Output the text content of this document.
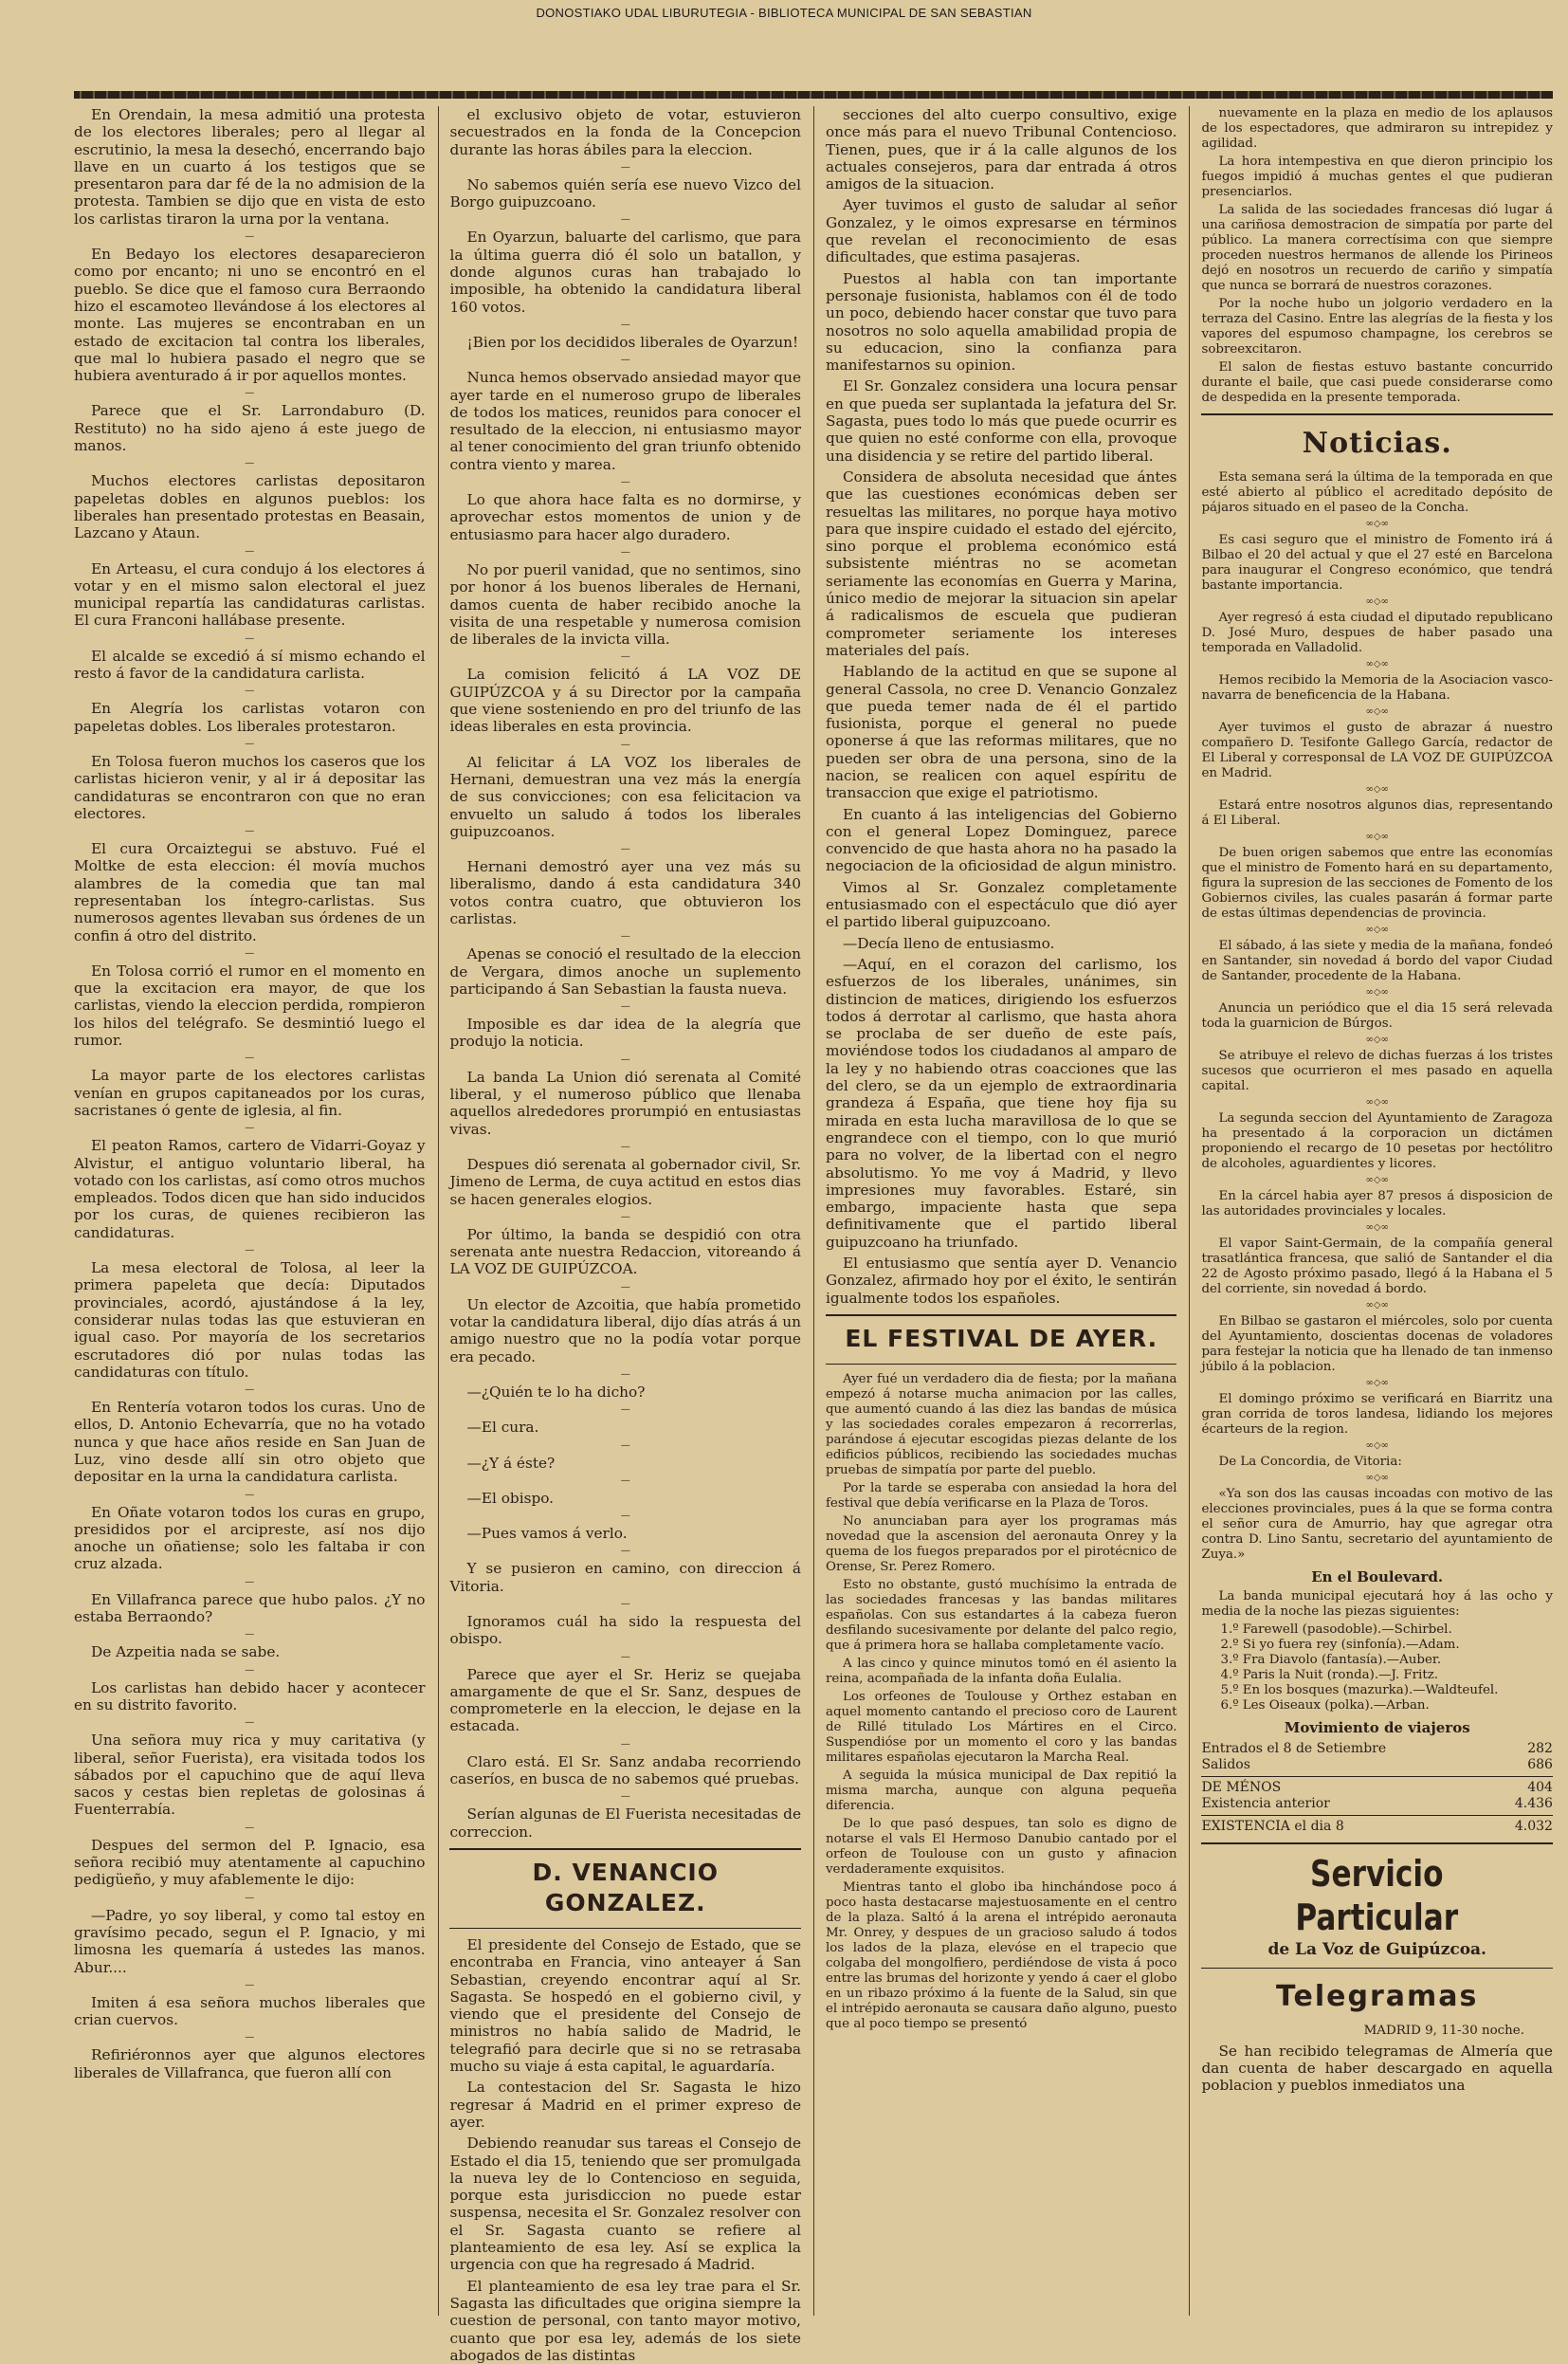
DONOSTIAKO UDAL LIBURUTEGIA - BIBLIOTECA MUNICIPAL DE SAN SEBASTIAN

En Orendain, la mesa admitió una protesta de los electores liberales; pero al llegar al escrutinio, la mesa la desechó, encerrando bajo llave en un cuarto á los testigos que se presentaron para dar fé de la no admision de la protesta. Tambien se dijo que en vista de esto los carlistas tiraron la urna por la ventana.

—

En Bedayo los electores desaparecieron como por encanto; ni uno se encontró en el pueblo. Se dice que el famoso cura Berraondo hizo el escamoteo llevándose á los electores al monte. Las mujeres se encontraban en un estado de excitacion tal contra los liberales, que mal lo hubiera pasado el negro que se hubiera aventurado á ir por aquellos montes.

—

Parece que el Sr. Larrondaburo (D. Restituto) no ha sido ajeno á este juego de manos.

—

Muchos electores carlistas depositaron papeletas dobles en algunos pueblos: los liberales han presentado protestas en Beasain, Lazcano y Ataun.

—

En Arteasu, el cura condujo á los electores á votar y en el mismo salon electoral el juez municipal repartía las candidaturas carlistas. El cura Franconi hallábase presente.

—

El alcalde se excedió á sí mismo echando el resto á favor de la candidatura carlista.

—

En Alegría los carlistas votaron con papeletas dobles. Los liberales protestaron.

—

En Tolosa fueron muchos los caseros que los carlistas hicieron venir, y al ir á depositar las candidaturas se encontraron con que no eran electores.

—

El cura Orcaiztegui se abstuvo. Fué el Moltke de esta eleccion: él movía muchos alambres de la comedia que tan mal representaban los íntegro-carlistas. Sus numerosos agentes llevaban sus órdenes de un confin á otro del distrito.

—

En Tolosa corrió el rumor en el momento en que la excitacion era mayor, de que los carlistas, viendo la eleccion perdida, rompieron los hilos del telégrafo. Se desmintió luego el rumor.

—

La mayor parte de los electores carlistas venían en grupos capitaneados por los curas, sacristanes ó gente de iglesia, al fin.

—

El peaton Ramos, cartero de Vidarri-Goyaz y Alvistur, el antiguo voluntario liberal, ha votado con los carlistas, así como otros muchos empleados. Todos dicen que han sido inducidos por los curas, de quienes recibieron las candidaturas.

—

La mesa electoral de Tolosa, al leer la primera papeleta que decía: Diputados provinciales, acordó, ajustándose á la ley, considerar nulas todas las que estuvieran en igual caso. Por mayoría de los secretarios escrutadores dió por nulas todas las candidaturas con título.

—

En Rentería votaron todos los curas. Uno de ellos, D. Antonio Echevarría, que no ha votado nunca y que hace años reside en San Juan de Luz, vino desde allí sin otro objeto que depositar en la urna la candidatura carlista.

—

En Oñate votaron todos los curas en grupo, presididos por el arcipreste, así nos dijo anoche un oñatiense; solo les faltaba ir con cruz alzada.

—

En Villafranca parece que hubo palos. ¿Y no estaba Berraondo?

—

De Azpeitia nada se sabe.

—

Los carlistas han debido hacer y acontecer en su distrito favorito.

—

Una señora muy rica y muy caritativa (y liberal, señor Fuerista), era visitada todos los sábados por el capuchino que de aquí lleva sacos y cestas bien repletas de golosinas á Fuenterrabía.

—

Despues del sermon del P. Ignacio, esa señora recibió muy atentamente al capuchino pedigüeño, y muy afablemente le dijo:

—

—Padre, yo soy liberal, y como tal estoy en gravísimo pecado, segun el P. Ignacio, y mi limosna les quemaría á ustedes las manos. Abur....

—

Imiten á esa señora muchos liberales que crian cuervos.

—

Refiriéronnos ayer que algunos electores liberales de Villafranca, que fueron allí con

el exclusivo objeto de votar, estuvieron secuestrados en la fonda de la Concepcion durante las horas ábiles para la eleccion.

—

No sabemos quién sería ese nuevo Vizco del Borgo guipuzcoano.

—

En Oyarzun, baluarte del carlismo, que para la última guerra dió él solo un batallon, y donde algunos curas han trabajado lo imposible, ha obtenido la candidatura liberal 160 votos.

—

¡Bien por los decididos liberales de Oyarzun!

—

Nunca hemos observado ansiedad mayor que ayer tarde en el numeroso grupo de liberales de todos los matices, reunidos para conocer el resultado de la eleccion, ni entusiasmo mayor al tener conocimiento del gran triunfo obtenido contra viento y marea.

—

Lo que ahora hace falta es no dormirse, y aprovechar estos momentos de union y de entusiasmo para hacer algo duradero.

—

No por pueril vanidad, que no sentimos, sino por honor á los buenos liberales de Hernani, damos cuenta de haber recibido anoche la visita de una respetable y numerosa comision de liberales de la invicta villa.

—

La comision felicitó á LA VOZ DE GUIPÚZCOA y á su Director por la campaña que viene sosteniendo en pro del triunfo de las ideas liberales en esta provincia.

—

Al felicitar á LA VOZ los liberales de Hernani, demuestran una vez más la energía de sus convicciones; con esa felicitacion va envuelto un saludo á todos los liberales guipuzcoanos.

—

Hernani demostró ayer una vez más su liberalismo, dando á esta candidatura 340 votos contra cuatro, que obtuvieron los carlistas.

—

Apenas se conoció el resultado de la eleccion de Vergara, dimos anoche un suplemento participando á San Sebastian la fausta nueva.

—

Imposible es dar idea de la alegría que produjo la noticia.

—

La banda La Union dió serenata al Comité liberal, y el numeroso público que llenaba aquellos alrededores prorumpió en entusiastas vivas.

—

Despues dió serenata al gobernador civil, Sr. Jimeno de Lerma, de cuya actitud en estos dias se hacen generales elogios.

—

Por último, la banda se despidió con otra serenata ante nuestra Redaccion, vitoreando á LA VOZ DE GUIPÚZCOA.

—

Un elector de Azcoitia, que había prometido votar la candidatura liberal, dijo días atrás á un amigo nuestro que no la podía votar porque era pecado.

—

—¿Quién te lo ha dicho?

—

—El cura.

—

—¿Y á éste?

—

—El obispo.

—

—Pues vamos á verlo.

—

Y se pusieron en camino, con direccion á Vitoria.

—

Ignoramos cuál ha sido la respuesta del obispo.

—

Parece que ayer el Sr. Heriz se quejaba amargamente de que el Sr. Sanz, despues de comprometerle en la eleccion, le dejase en la estacada.

—

Claro está. El Sr. Sanz andaba recorriendo caseríos, en busca de no sabemos qué pruebas.

—

Serían algunas de El Fuerista necesitadas de correccion.

D. VENANCIO GONZALEZ.

El presidente del Consejo de Estado, que se encontraba en Francia, vino anteayer á San Sebastian, creyendo encontrar aquí al Sr. Sagasta. Se hospedó en el gobierno civil, y viendo que el presidente del Consejo de ministros no había salido de Madrid, le telegrafió para decirle que si no se retrasaba mucho su viaje á esta capital, le aguardaría.

La contestacion del Sr. Sagasta le hizo regresar á Madrid en el primer expreso de ayer.

Debiendo reanudar sus tareas el Consejo de Estado el dia 15, teniendo que ser promulgada la nueva ley de lo Contencioso en seguida, porque esta jurisdiccion no puede estar suspensa, necesita el Sr. Gonzalez resolver con el Sr. Sagasta cuanto se refiere al planteamiento de esa ley. Así se explica la urgencia con que ha regresado á Madrid.

El planteamiento de esa ley trae para el Sr. Sagasta las dificultades que origina siempre la cuestion de personal, con tanto mayor motivo, cuanto que por esa ley, además de los siete abogados de las distintas

secciones del alto cuerpo consultivo, exige once más para el nuevo Tribunal Contencioso. Tienen, pues, que ir á la calle algunos de los actuales consejeros, para dar entrada á otros amigos de la situacion.

Ayer tuvimos el gusto de saludar al señor Gonzalez, y le oimos expresarse en términos que revelan el reconocimiento de esas dificultades, que estima pasajeras.

Puestos al habla con tan importante personaje fusionista, hablamos con él de todo un poco, debiendo hacer constar que tuvo para nosotros no solo aquella amabilidad propia de su educacion, sino la confianza para manifestarnos su opinion.

El Sr. Gonzalez considera una locura pensar en que pueda ser suplantada la jefatura del Sr. Sagasta, pues todo lo más que puede ocurrir es que quien no esté conforme con ella, provoque una disidencia y se retire del partido liberal.

Considera de absoluta necesidad que ántes que las cuestiones económicas deben ser resueltas las militares, no porque haya motivo para que inspire cuidado el estado del ejército, sino porque el problema económico está subsistente miéntras no se acometan seriamente las economías en Guerra y Marina, único medio de mejorar la situacion sin apelar á radicalismos de escuela que pudieran comprometer seriamente los intereses materiales del país.

Hablando de la actitud en que se supone al general Cassola, no cree D. Venancio Gonzalez que pueda temer nada de él el partido fusionista, porque el general no puede oponerse á que las reformas militares, que no pueden ser obra de una persona, sino de la nacion, se realicen con aquel espíritu de transaccion que exige el patriotismo.

En cuanto á las inteligencias del Gobierno con el general Lopez Dominguez, parece convencido de que hasta ahora no ha pasado la negociacion de la oficiosidad de algun ministro.

Vimos al Sr. Gonzalez completamente entusiasmado con el espectáculo que dió ayer el partido liberal guipuzcoano.

—Decía lleno de entusiasmo.

—Aquí, en el corazon del carlismo, los esfuerzos de los liberales, unánimes, sin distincion de matices, dirigiendo los esfuerzos todos á derrotar al carlismo, que hasta ahora se proclaba de ser dueño de este país, moviéndose todos los ciudadanos al amparo de la ley y no habiendo otras coacciones que las del clero, se da un ejemplo de extraordinaria grandeza á España, que tiene hoy fija su mirada en esta lucha maravillosa de lo que se engrandece con el tiempo, con lo que murió para no volver, de la libertad con el negro absolutismo. Yo me voy á Madrid, y llevo impresiones muy favorables. Estaré, sin embargo, impaciente hasta que sepa definitivamente que el partido liberal guipuzcoano ha triunfado.

El entusiasmo que sentía ayer D. Venancio Gonzalez, afirmado hoy por el éxito, le sentirán igualmente todos los españoles.

EL FESTIVAL DE AYER.

Ayer fué un verdadero dia de fiesta; por la mañana empezó á notarse mucha animacion por las calles, que aumentó cuando á las diez las bandas de música y las sociedades corales empezaron á recorrerlas, parándose á ejecutar escogidas piezas delante de los edificios públicos, recibiendo las sociedades muchas pruebas de simpatía por parte del pueblo.

Por la tarde se esperaba con ansiedad la hora del festival que debía verificarse en la Plaza de Toros.

No anunciaban para ayer los programas más novedad que la ascension del aeronauta Onrey y la quema de los fuegos preparados por el pirotécnico de Orense, Sr. Perez Romero.

Esto no obstante, gustó muchísimo la entrada de las sociedades francesas y las bandas militares españolas. Con sus estandartes á la cabeza fueron desfilando sucesivamente por delante del palco regio, que á primera hora se hallaba completamente vacío.

A las cinco y quince minutos tomó en él asiento la reina, acompañada de la infanta doña Eulalia.

Los orfeones de Toulouse y Orthez estaban en aquel momento cantando el precioso coro de Laurent de Rillé titulado Los Mártires en el Circo. Suspendióse por un momento el coro y las bandas militares españolas ejecutaron la Marcha Real.

A seguida la música municipal de Dax repitió la misma marcha, aunque con alguna pequeña diferencia.

De lo que pasó despues, tan solo es digno de notarse el vals El Hermoso Danubio cantado por el orfeon de Toulouse con un gusto y afinacion verdaderamente exquisitos.

Mientras tanto el globo iba hinchándose poco á poco hasta destacarse majestuosamente en el centro de la plaza. Saltó á la arena el intrépido aeronauta Mr. Onrey, y despues de un gracioso saludo á todos los lados de la plaza, elevóse en el trapecio que colgaba del mongolfiero, perdiéndose de vista á poco entre las brumas del horizonte y yendo á caer el globo en un ribazo próximo á la fuente de la Salud, sin que el intrépido aeronauta se causara daño alguno, puesto que al poco tiempo se presentó

nuevamente en la plaza en medio de los aplausos de los espectadores, que admiraron su intrepidez y agilidad.

La hora intempestiva en que dieron principio los fuegos impidió á muchas gentes el que pudieran presenciarlos.

La salida de las sociedades francesas dió lugar á una cariñosa demostracion de simpatía por parte del público. La manera correctísima con que siempre proceden nuestros hermanos de allende los Pirineos dejó en nosotros un recuerdo de cariño y simpatía que nunca se borrará de nuestros corazones.

Por la noche hubo un jolgorio verdadero en la terraza del Casino. Entre las alegrías de la fiesta y los vapores del espumoso champagne, los cerebros se sobreexcitaron.

El salon de fiestas estuvo bastante concurrido durante el baile, que casi puede considerarse como de despedida en la presente temporada.

Noticias.

Esta semana será la última de la temporada en que esté abierto al público el acreditado depósito de pájaros situado en el paseo de la Concha.

∞◇∞

Es casi seguro que el ministro de Fomento irá á Bilbao el 20 del actual y que el 27 esté en Barcelona para inaugurar el Congreso económico, que tendrá bastante importancia.

∞◇∞

Ayer regresó á esta ciudad el diputado republicano D. José Muro, despues de haber pasado una temporada en Valladolid.

∞◇∞

Hemos recibido la Memoria de la Asociacion vasco-navarra de beneficencia de la Habana.

∞◇∞

Ayer tuvimos el gusto de abrazar á nuestro compañero D. Tesifonte Gallego García, redactor de El Liberal y corresponsal de LA VOZ DE GUIPÚZCOA en Madrid.

∞◇∞

Estará entre nosotros algunos dias, representando á El Liberal.

∞◇∞

De buen origen sabemos que entre las economías que el ministro de Fomento hará en su departamento, figura la supresion de las secciones de Fomento de los Gobiernos civiles, las cuales pasarán á formar parte de estas últimas dependencias de provincia.

∞◇∞

El sábado, á las siete y media de la mañana, fondeó en Santander, sin novedad á bordo del vapor Ciudad de Santander, procedente de la Habana.

∞◇∞

Anuncia un periódico que el dia 15 será relevada toda la guarnicion de Búrgos.

∞◇∞

Se atribuye el relevo de dichas fuerzas á los tristes sucesos que ocurrieron el mes pasado en aquella capital.

∞◇∞

La segunda seccion del Ayuntamiento de Zaragoza ha presentado á la corporacion un dictámen proponiendo el recargo de 10 pesetas por hectólitro de alcoholes, aguardientes y licores.

∞◇∞

En la cárcel habia ayer 87 presos á disposicion de las autoridades provinciales y locales.

∞◇∞

El vapor Saint-Germain, de la compañía general trasatlántica francesa, que salió de Santander el dia 22 de Agosto próximo pasado, llegó á la Habana el 5 del corriente, sin novedad á bordo.

∞◇∞

En Bilbao se gastaron el miércoles, solo por cuenta del Ayuntamiento, doscientas docenas de voladores para festejar la noticia que ha llenado de tan inmenso júbilo á la poblacion.

∞◇∞

El domingo próximo se verificará en Biarritz una gran corrida de toros landesa, lidiando los mejores écarteurs de la region.

∞◇∞

De La Concordia, de Vitoria:

∞◇∞

«Ya son dos las causas incoadas con motivo de las elecciones provinciales, pues á la que se forma contra el señor cura de Amurrio, hay que agregar otra contra D. Lino Santu, secretario del ayuntamiento de Zuya.»

En el Boulevard.

La banda municipal ejecutará hoy á las ocho y media de la noche las piezas siguientes:

1.º Farewell (pasodoble).—Schirbel.
2.º Si yo fuera rey (sinfonía).—Adam.
3.º Fra Diavolo (fantasía).—Auber.
4.º Paris la Nuit (ronda).—J. Fritz.
5.º En los bosques (mazurka).—Waldteufel.
6.º Les Oiseaux (polka).—Arban.
Movimiento de viajeros
Entrados el 8 de Setiembre	282
Salidos	686
DE MÉNOS	404
Existencia anterior	4.436
EXISTENCIA el dia 8	4.032
Servicio Particular
de La Voz de Guipúzcoa.
Telegramas
MADRID 9, 11-30 noche.

Se han recibido telegramas de Almería que dan cuenta de haber descargado en aquella poblacion y pueblos inmediatos una
